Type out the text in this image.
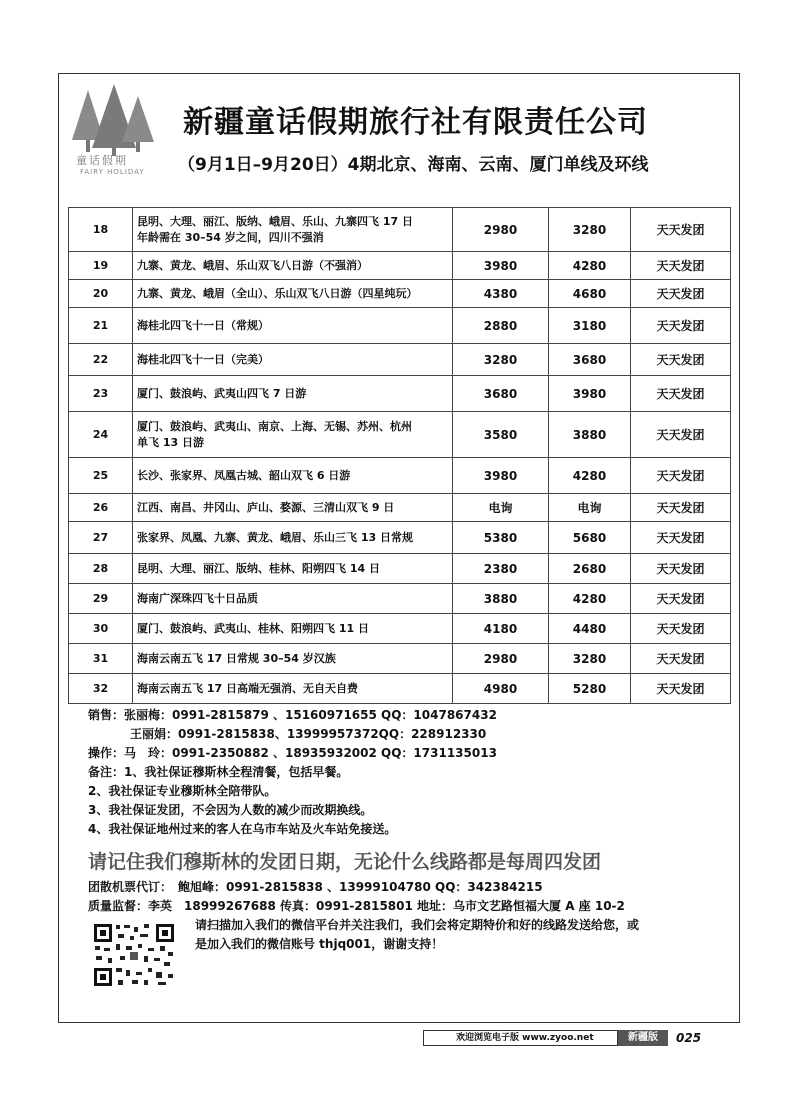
童话假期
FAIRY HOLIDAY
新疆童话假期旅行社有限责任公司
（9月1日–9月20日）4期北京、海南、云南、厦门单线及环线
18	昆明、大理、丽江、版纳、峨眉、乐山、九寨四飞 17 日
年龄需在 30–54 岁之间，四川不强消	2980	3280	天天发团
19	九寨、黄龙、峨眉、乐山双飞八日游（不强消）	3980	4280	天天发团
20	九寨、黄龙、峨眉（全山）、乐山双飞八日游（四星纯玩）	4380	4680	天天发团
21	海桂北四飞十一日（常规）	2880	3180	天天发团
22	海桂北四飞十一日（完美）	3280	3680	天天发团
23	厦门、鼓浪屿、武夷山四飞 7 日游	3680	3980	天天发团
24	厦门、鼓浪屿、武夷山、南京、上海、无锡、苏州、杭州
单飞 13 日游	3580	3880	天天发团
25	长沙、张家界、凤凰古城、韶山双飞 6 日游	3980	4280	天天发团
26	江西、南昌、井冈山、庐山、婺源、三清山双飞 9 日	电询	电询	天天发团
27	张家界、凤凰、九寨、黄龙、峨眉、乐山三飞 13 日常规	5380	5680	天天发团
28	昆明、大理、丽江、版纳、桂林、阳朔四飞 14 日	2380	2680	天天发团
29	海南广深珠四飞十日品质	3880	4280	天天发团
30	厦门、鼓浪屿、武夷山、桂林、阳朔四飞 11 日	4180	4480	天天发团
31	海南云南五飞 17 日常规 30–54 岁汉族	2980	3280	天天发团
32	海南云南五飞 17 日高端无强消、无自天自费	4980	5280	天天发团
销售：张丽梅：0991-2815879 、15160971655 QQ：1047867432
王丽娟：0991-2815838、13999957372QQ：228912330
操作：马　玲：0991-2350882 、18935932002 QQ：1731135013
备注：1、我社保证穆斯林全程清餐，包括早餐。
2、我社保证专业穆斯林全陪带队。
3、我社保证发团，不会因为人数的减少而改期换线。
4、我社保证地州过来的客人在乌市车站及火车站免接送。
请记住我们穆斯林的发团日期，无论什么线路都是每周四发团
团散机票代订：　鲍旭峰：0991-2815838 、13999104780 QQ：342384215
质量监督：李英　18999267688 传真：0991-2815801 地址：乌市文艺路恒福大厦 A 座 10-2
请扫描加入我们的微信平台并关注我们，我们会将定期特价和好的线路发送给您，或
是加入我们的微信账号 thjq001，谢谢支持！
欢迎浏览电子版 www.zyoo.net	新疆版	025
